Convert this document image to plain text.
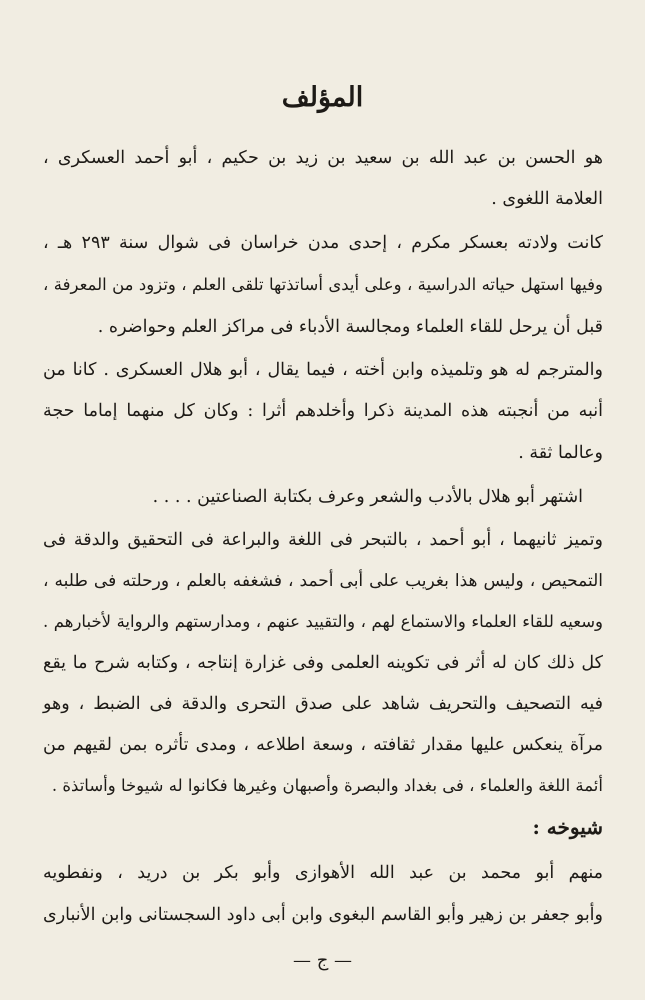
المؤلف
هو الحسن بن عبد الله بن سعيد بن زيد بن حكيم ، أبو أحمد العسكرى ،
العلامة اللغوى .
كانت ولادته بعسكر مكرم ، إحدى مدن خراسان فى شوال سنة ٢٩٣ هـ ،
وفيها استهل حياته الدراسية ، وعلى أيدى أساتذتها تلقى العلم ، وتزود من المعرفة ،
قبل أن يرحل للقاء العلماء ومجالسة الأدباء فى مراكز العلم وحواضره .
والمترجم له هو وتلميذه وابن أخته ، فيما يقال ، أبو هلال العسكرى . كانا من
أنبه من أنجبته هذه المدينة ذكرا وأخلدهم أثرا : وكان كل منهما إماما حجة
وعالما ثقة .
اشتهر أبو هلال بالأدب والشعر وعرف بكتابة الصناعتين . . . .
وتميز ثانيهما ، أبو أحمد ، بالتبحر فى اللغة والبراعة فى التحقيق والدقة فى
التمحيص ، وليس هذا بغريب على أبى أحمد ، فشغفه بالعلم ، ورحلته فى طلبه ،
وسعيه للقاء العلماء والاستماع لهم ، والتقييد عنهم ، ومدارستهم والرواية لأخبارهم .
كل ذلك كان له أثر فى تكوينه العلمى وفى غزارة إنتاجه ، وكتابه شرح ما يقع
فيه التصحيف والتحريف شاهد على صدق التحرى والدقة فى الضبط ، وهو
مرآة ينعكس عليها مقدار ثقافته ، وسعة اطلاعه ، ومدى تأثره بمن لقيهم من
أئمة اللغة والعلماء ، فى بغداد والبصرة وأصبهان وغيرها فكانوا له شيوخا وأساتذة .
شيوخه :
منهم أبو محمد بن عبد الله الأهوازى وأبو بكر بن دريد ، ونفطويه
وأبو جعفر بن زهير وأبو القاسم البغوى وابن أبى داود السجستانى وابن الأنبارى
— ج —
